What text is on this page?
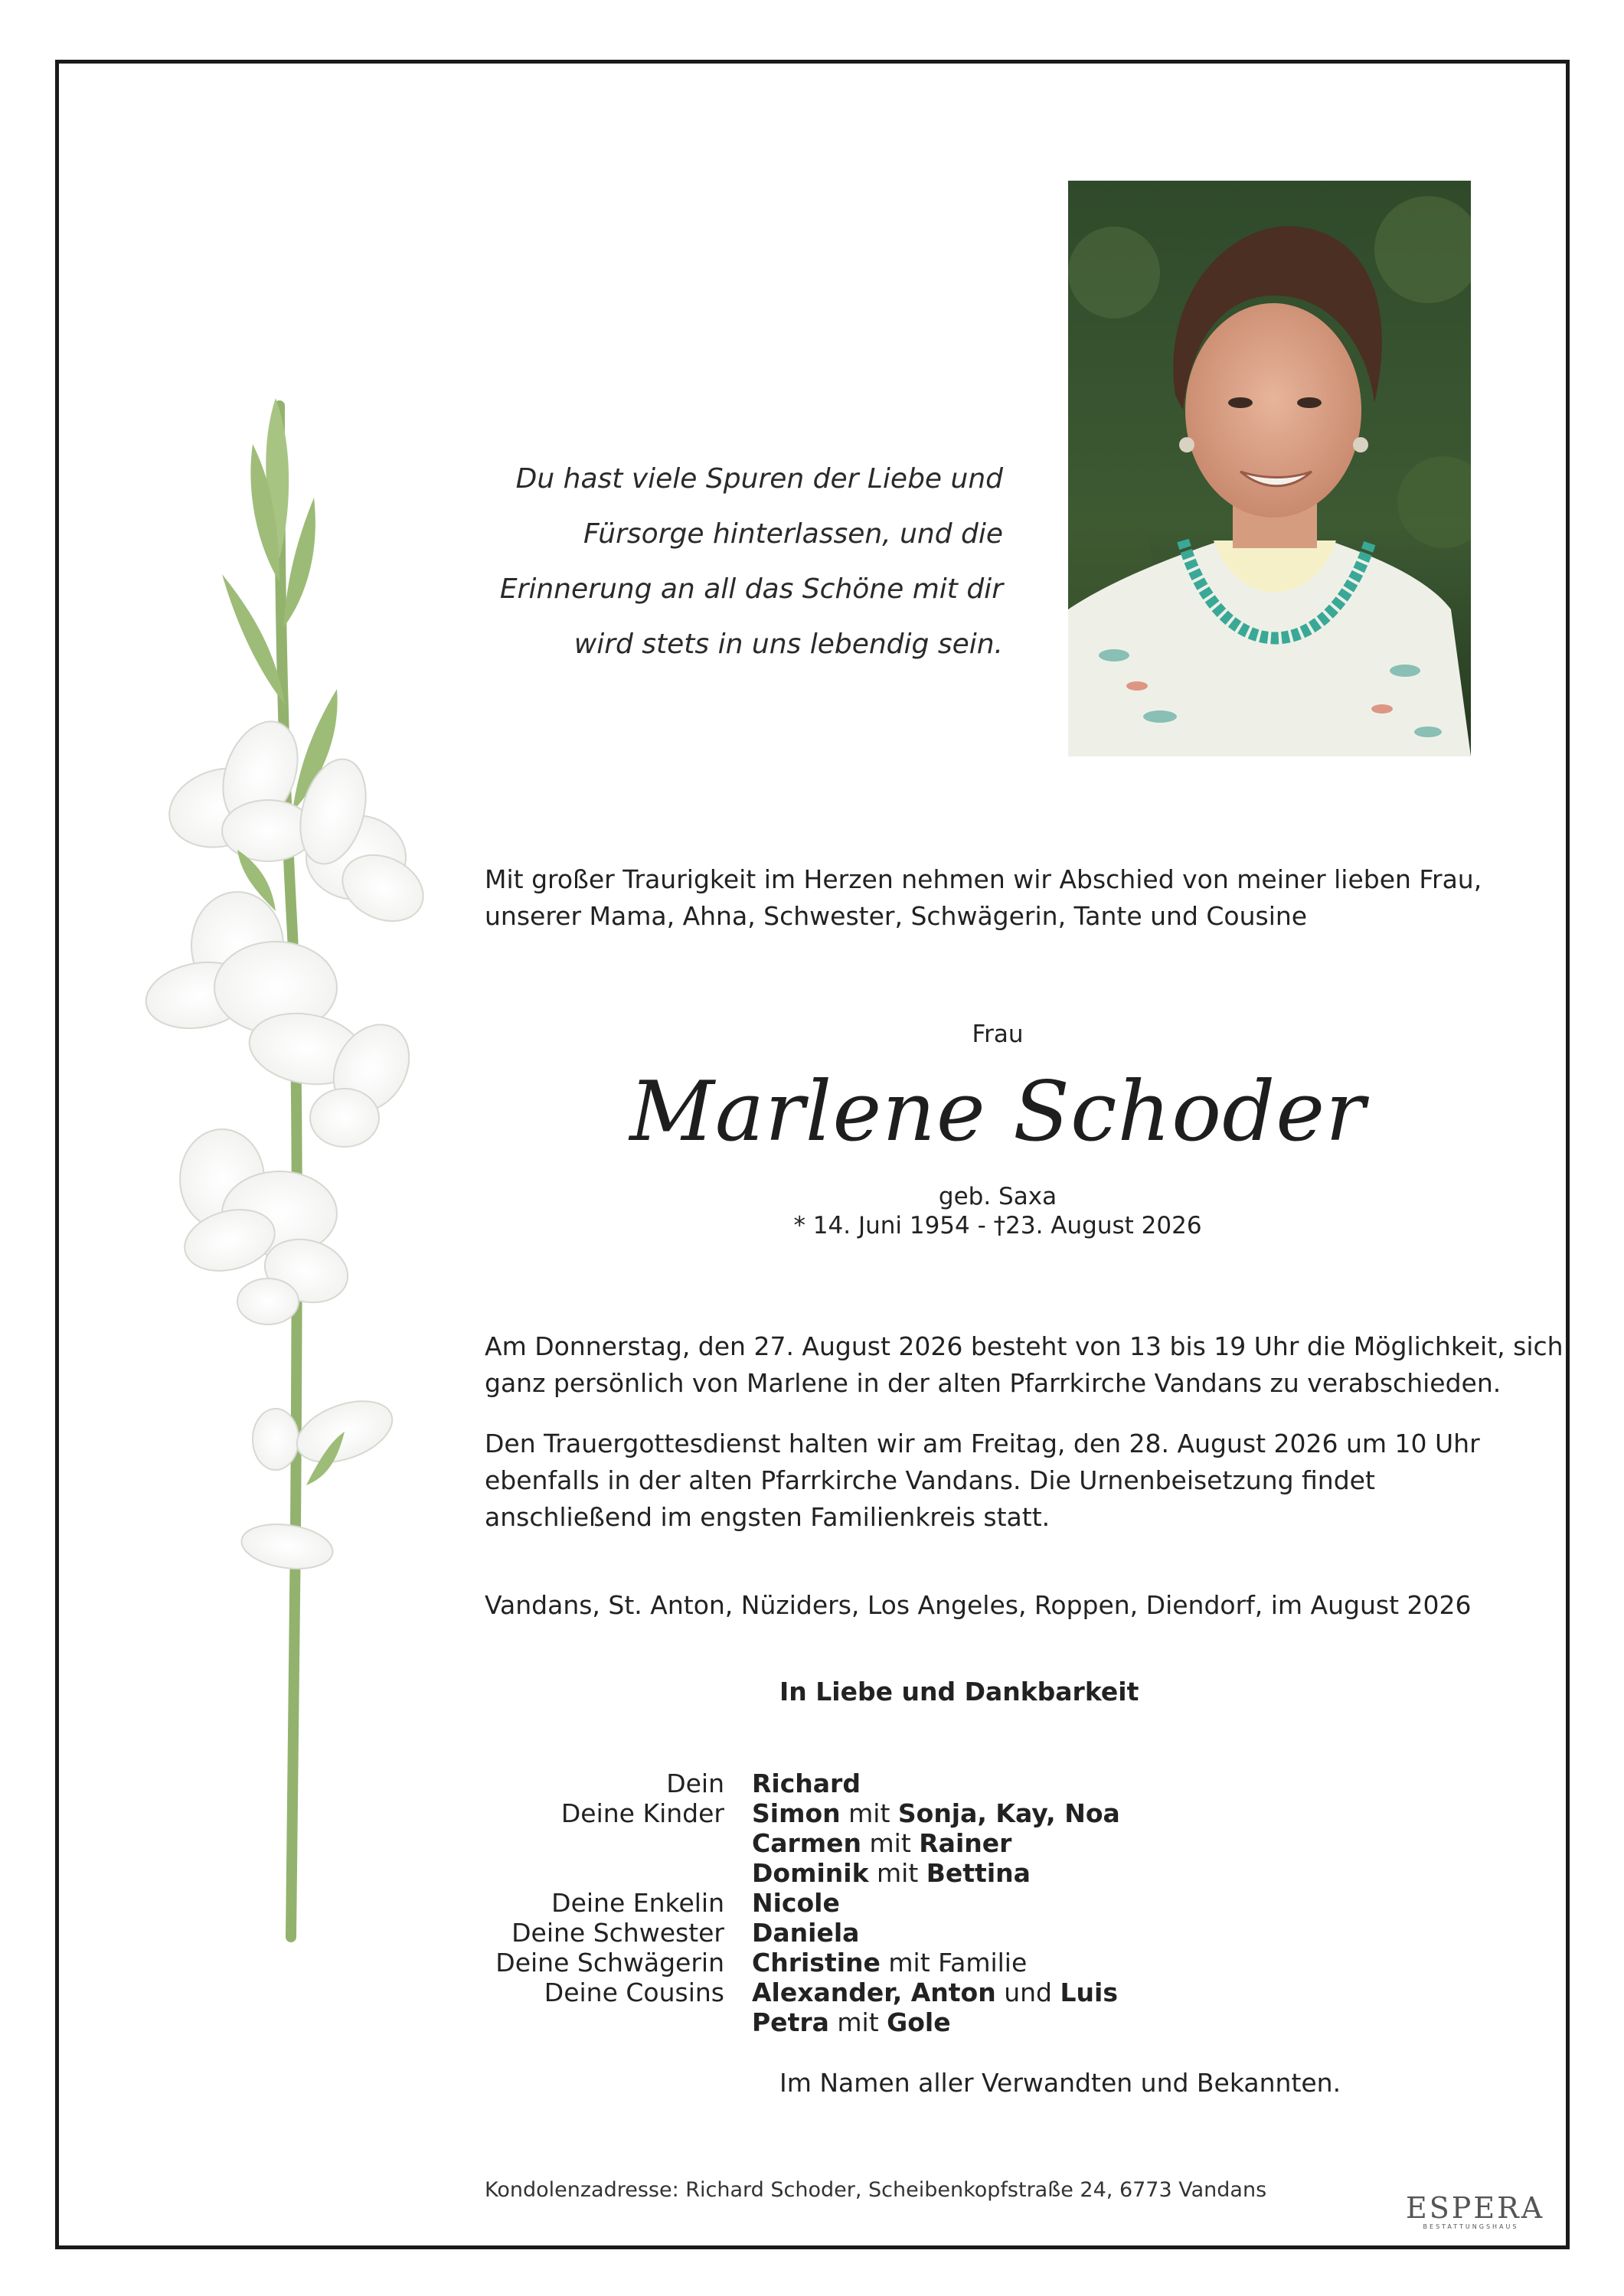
Du hast viele Spuren der Liebe und
Fürsorge hinterlassen, und die
Erinnerung an all das Schöne mit dir
wird stets in uns lebendig sein.
Mit großer Traurigkeit im Herzen nehmen wir Abschied von meiner lieben Frau,
unserer Mama, Ahna, Schwester, Schwägerin, Tante und Cousine
Frau
Marlene Schoder
geb. Saxa
* 14. Juni 1954 - †23. August 2026
Am Donnerstag, den 27. August 2026 besteht von 13 bis 19 Uhr die Möglichkeit, sich
ganz persönlich von Marlene in der alten Pfarrkirche Vandans zu verabschieden.
Den Trauergottesdienst halten wir am Freitag, den 28. August 2026 um 10 Uhr
ebenfalls in der alten Pfarrkirche Vandans. Die Urnenbeisetzung findet
anschließend im engsten Familienkreis statt.
Vandans, St. Anton, Nüziders, Los Angeles, Roppen, Diendorf, im August 2026
In Liebe und Dankbarkeit
Dein	Richard
Deine Kinder	Simon mit Sonja, Kay, Noa
Carmen mit Rainer
Dominik mit Bettina
Deine Enkelin	Nicole
Deine Schwester	Daniela
Deine Schwägerin	Christine mit Familie
Deine Cousins	Alexander, Anton und Luis
Petra mit Gole
Im Namen aller Verwandten und Bekannten.
Kondolenzadresse: Richard Schoder, Scheibenkopfstraße 24, 6773 Vandans
ESPERA
BESTATTUNGSHAUS
